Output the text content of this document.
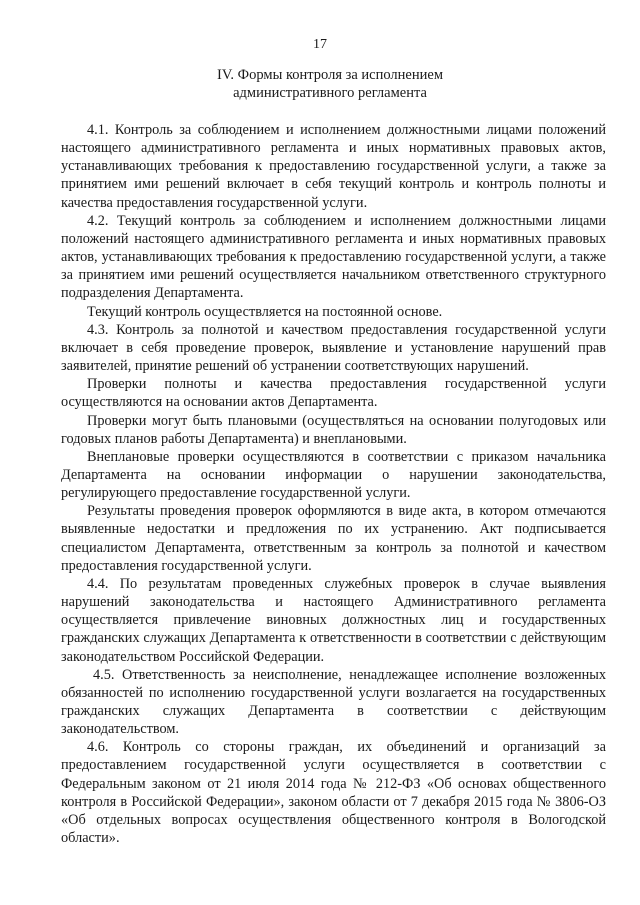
17
IV. Формы контроля за исполнением
административного регламента

4.1. Контроль за соблюдением и исполнением должностными лицами положений настоящего административного регламента и иных нормативных правовых актов, устанавливающих требования к предоставлению государственной услуги, а также за принятием ими решений включает в себя текущий контроль и контроль полноты и качества предоставления государственной услуги.

4.2. Текущий контроль за соблюдением и исполнением должностными лицами положений настоящего административного регламента и иных нормативных правовых актов, устанавливающих требования к предоставлению государственной услуги, а также за принятием ими решений осуществляется начальником ответственного структурного подразделения Департамента.

Текущий контроль осуществляется на постоянной основе.

4.3. Контроль за полнотой и качеством предоставления государственной услуги включает в себя проведение проверок, выявление и установление нарушений прав заявителей, принятие решений об устранении соответствующих нарушений.

Проверки полноты и качества предоставления государственной услуги осуществляются на основании актов Департамента.

Проверки могут быть плановыми (осуществляться на основании полугодовых или годовых планов работы Департамента) и внеплановыми.

Внеплановые проверки осуществляются в соответствии с приказом начальника Департамента на основании информации о нарушении законодательства, регулирующего предоставление государственной услуги.

Результаты проведения проверок оформляются в виде акта, в котором отмечаются выявленные недостатки и предложения по их устранению. Акт подписывается специалистом Департамента, ответственным за контроль за полнотой и качеством предоставления государственной услуги.

4.4. По результатам проведенных служебных проверок в случае выявления нарушений законодательства и настоящего Административного регламента осуществляется привлечение виновных должностных лиц и государственных гражданских служащих Департамента к ответственности в соответствии с действующим законодательством Российской Федерации.

4.5. Ответственность за неисполнение, ненадлежащее исполнение возложенных обязанностей по исполнению государственной услуги возлагается на государственных гражданских служащих Департамента в соответствии с действующим законодательством.

4.6. Контроль со стороны граждан, их объединений и организаций за предоставлением государственной услуги осуществляется в соответствии с Федеральным законом от 21 июля 2014 года № 212-ФЗ «Об основах общественного контроля в Российской Федерации», законом области от 7 декабря 2015 года № 3806-ОЗ «Об отдельных вопросах осуществления общественного контроля в Вологодской области».
